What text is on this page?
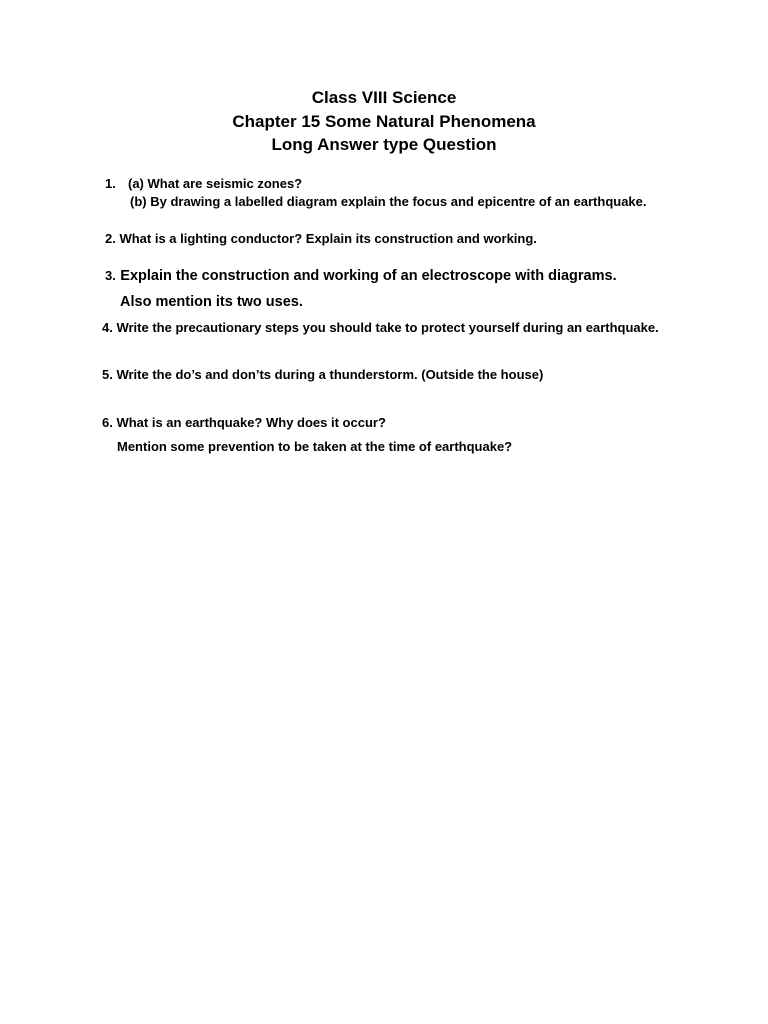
Class VIII Science

Chapter 15 Some Natural Phenomena

Long Answer type Question

1. (a) What are seismic zones?
(b) By drawing a labelled diagram explain the focus and epicentre of an earthquake.
2. What is a lighting conductor? Explain its construction and working.
3. Explain the construction and working of an electroscope with diagrams.
Also mention its two uses.
4. Write the precautionary steps you should take to protect yourself during an earthquake.
5. Write the do’s and don’ts during a thunderstorm. (Outside the house)
6. What is an earthquake? Why does it occur?
Mention some prevention to be taken at the time of earthquake?
